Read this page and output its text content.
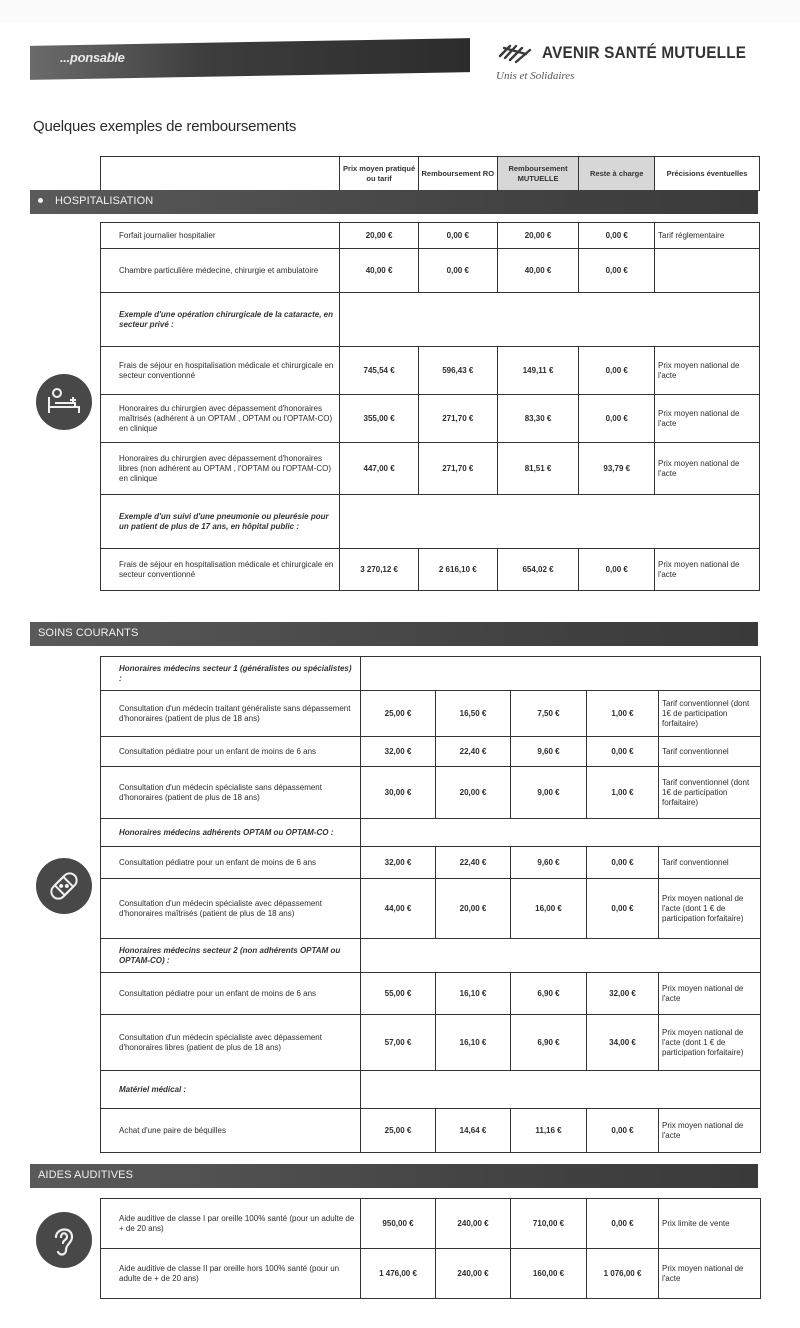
...ponsable	AVENIR SANTÉ MUTUELLE
Unis et Solidaires
Quelques exemples de remboursements
	Prix moyen pratiqué ou tarif	Remboursement RO	Remboursement MUTUELLE	Reste à charge	Précisions éventuelles
HOSPITALISATION
Forfait journalier hospitalier	20,00 €	0,00 €	20,00 €	0,00 €	Tarif réglementaire
Chambre particulière médecine, chirurgie et ambulatoire	40,00 €	0,00 €	40,00 €	0,00 €	
Exemple d'une opération chirurgicale de la cataracte, en secteur privé :					
Frais de séjour en hospitalisation médicale et chirurgicale en secteur conventionné	745,54 €	596,43 €	149,11 €	0,00 €	Prix moyen national de l'acte
Honoraires du chirurgien avec dépassement d'honoraires maîtrisés (adhérent à un OPTAM , OPTAM ou l'OPTAM-CO) en clinique	355,00 €	271,70 €	83,30 €	0,00 €	Prix moyen national de l'acte
Honoraires du chirurgien avec dépassement d'honoraires libres (non adhérent au OPTAM , l'OPTAM ou l'OPTAM-CO) en clinique	447,00 €	271,70 €	81,51 €	93,79 €	Prix moyen national de l'acte
Exemple d'un suivi d'une pneumonie ou pleurésie pour un patient de plus de 17 ans, en hôpital public :					
Frais de séjour en hospitalisation médicale et chirurgicale en secteur conventionné	3 270,12 €	2 616,10 €	654,02 €	0,00 €	Prix moyen national de l'acte
SOINS COURANTS
Honoraires médecins secteur 1 (généralistes ou spécialistes) :					
Consultation d'un médecin traitant généraliste sans dépassement d'honoraires (patient de plus de 18 ans)	25,00 €	16,50 €	7,50 €	1,00 €	Tarif conventionnel (dont 1€ de participation forfaitaire)
Consultation pédiatre pour un enfant de moins de 6 ans	32,00 €	22,40 €	9,60 €	0,00 €	Tarif conventionnel
Consultation d'un médecin spécialiste sans dépassement d'honoraires (patient de plus de 18 ans)	30,00 €	20,00 €	9,00 €	1,00 €	Tarif conventionnel (dont 1€ de participation forfaitaire)
Honoraires médecins adhérents OPTAM ou OPTAM-CO :					
Consultation pédiatre pour un enfant de moins de 6 ans	32,00 €	22,40 €	9,60 €	0,00 €	Tarif conventionnel
Consultation d'un médecin spécialiste avec dépassement d'honoraires maîtrisés (patient de plus de 18 ans)	44,00 €	20,00 €	16,00 €	0,00 €	Prix moyen national de l'acte (dont 1 € de participation forfaitaire)
Honoraires médecins secteur 2 (non adhérents OPTAM ou OPTAM-CO) :					
Consultation pédiatre pour un enfant de moins de 6 ans	55,00 €	16,10 €	6,90 €	32,00 €	Prix moyen national de l'acte
Consultation d'un médecin spécialiste avec dépassement d'honoraires libres (patient de plus de 18 ans)	57,00 €	16,10 €	6,90 €	34,00 €	Prix moyen national de l'acte (dont 1 € de participation forfaitaire)
Matériel médical :					
Achat d'une paire de béquilles	25,00 €	14,64 €	11,16 €	0,00 €	Prix moyen national de l'acte
AIDES AUDITIVES
Aide auditive de classe I par oreille 100% santé (pour un adulte de + de 20 ans)	950,00 €	240,00 €	710,00 €	0,00 €	Prix limite de vente
Aide auditive de classe II par oreille hors 100% santé (pour un adulte de + de 20 ans)	1 476,00 €	240,00 €	160,00 €	1 076,00 €	Prix moyen national de l'acte
